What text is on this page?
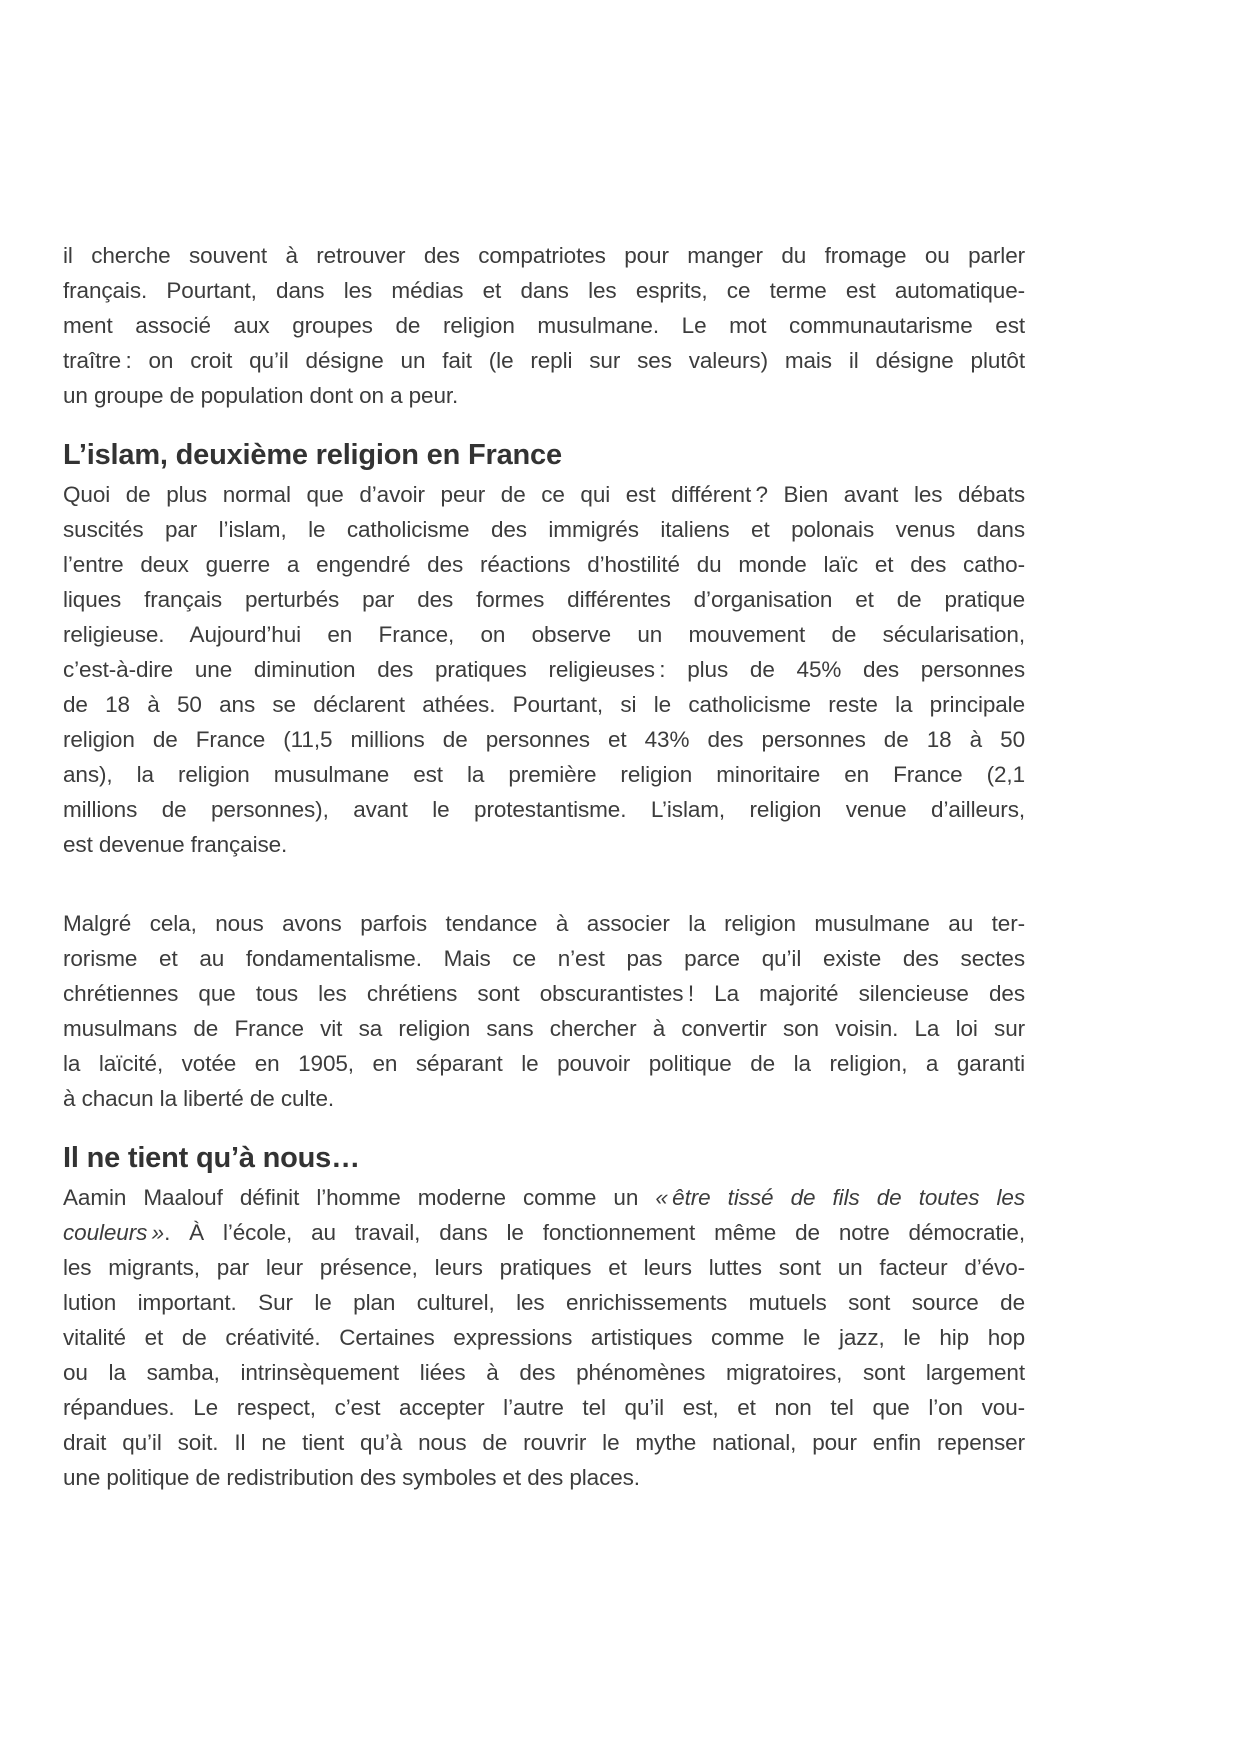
il cherche souvent à retrouver des compatriotes pour manger du fromage ou parler
français. Pourtant, dans les médias et dans les esprits, ce terme est automatique-
ment associé aux groupes de religion musulmane. Le mot communautarisme est
traître : on croit qu’il désigne un fait (le repli sur ses valeurs) mais il désigne plutôt
un groupe de population dont on a peur.
L’islam, deuxième religion en France
Quoi de plus normal que d’avoir peur de ce qui est différent ? Bien avant les débats
suscités par l’islam, le catholicisme des immigrés italiens et polonais venus dans
l’entre deux guerre a engendré des réactions d’hostilité du monde laïc et des catho-
liques français perturbés par des formes différentes d’organisation et de pratique
religieuse. Aujourd’hui en France, on observe un mouvement de sécularisation,
c’est-à-dire une diminution des pratiques religieuses : plus de 45% des personnes
de 18 à 50 ans se déclarent athées. Pourtant, si le catholicisme reste la principale
religion de France (11,5 millions de personnes et 43% des personnes de 18 à 50
ans), la religion musulmane est la première religion minoritaire en France (2,1
millions de personnes), avant le protestantisme. L’islam, religion venue d’ailleurs,
est devenue française.
Malgré cela, nous avons parfois tendance à associer la religion musulmane au ter-
rorisme et au fondamentalisme. Mais ce n’est pas parce qu’il existe des sectes
chrétiennes que tous les chrétiens sont obscurantistes ! La majorité silencieuse des
musulmans de France vit sa religion sans chercher à convertir son voisin. La loi sur
la laïcité, votée en 1905, en séparant le pouvoir politique de la religion, a garanti
à chacun la liberté de culte.
Il ne tient qu’à nous…
Aamin Maalouf définit l’homme moderne comme un « être tissé de fils de toutes les
couleurs ». À l’école, au travail, dans le fonctionnement même de notre démocratie,
les migrants, par leur présence, leurs pratiques et leurs luttes sont un facteur d’évo-
lution important. Sur le plan culturel, les enrichissements mutuels sont source de
vitalité et de créativité. Certaines expressions artistiques comme le jazz, le hip hop
ou la samba, intrinsèquement liées à des phénomènes migratoires, sont largement
répandues. Le respect, c’est accepter l’autre tel qu’il est, et non tel que l’on vou-
drait qu’il soit. Il ne tient qu’à nous de rouvrir le mythe national, pour enfin repenser
une politique de redistribution des symboles et des places.
